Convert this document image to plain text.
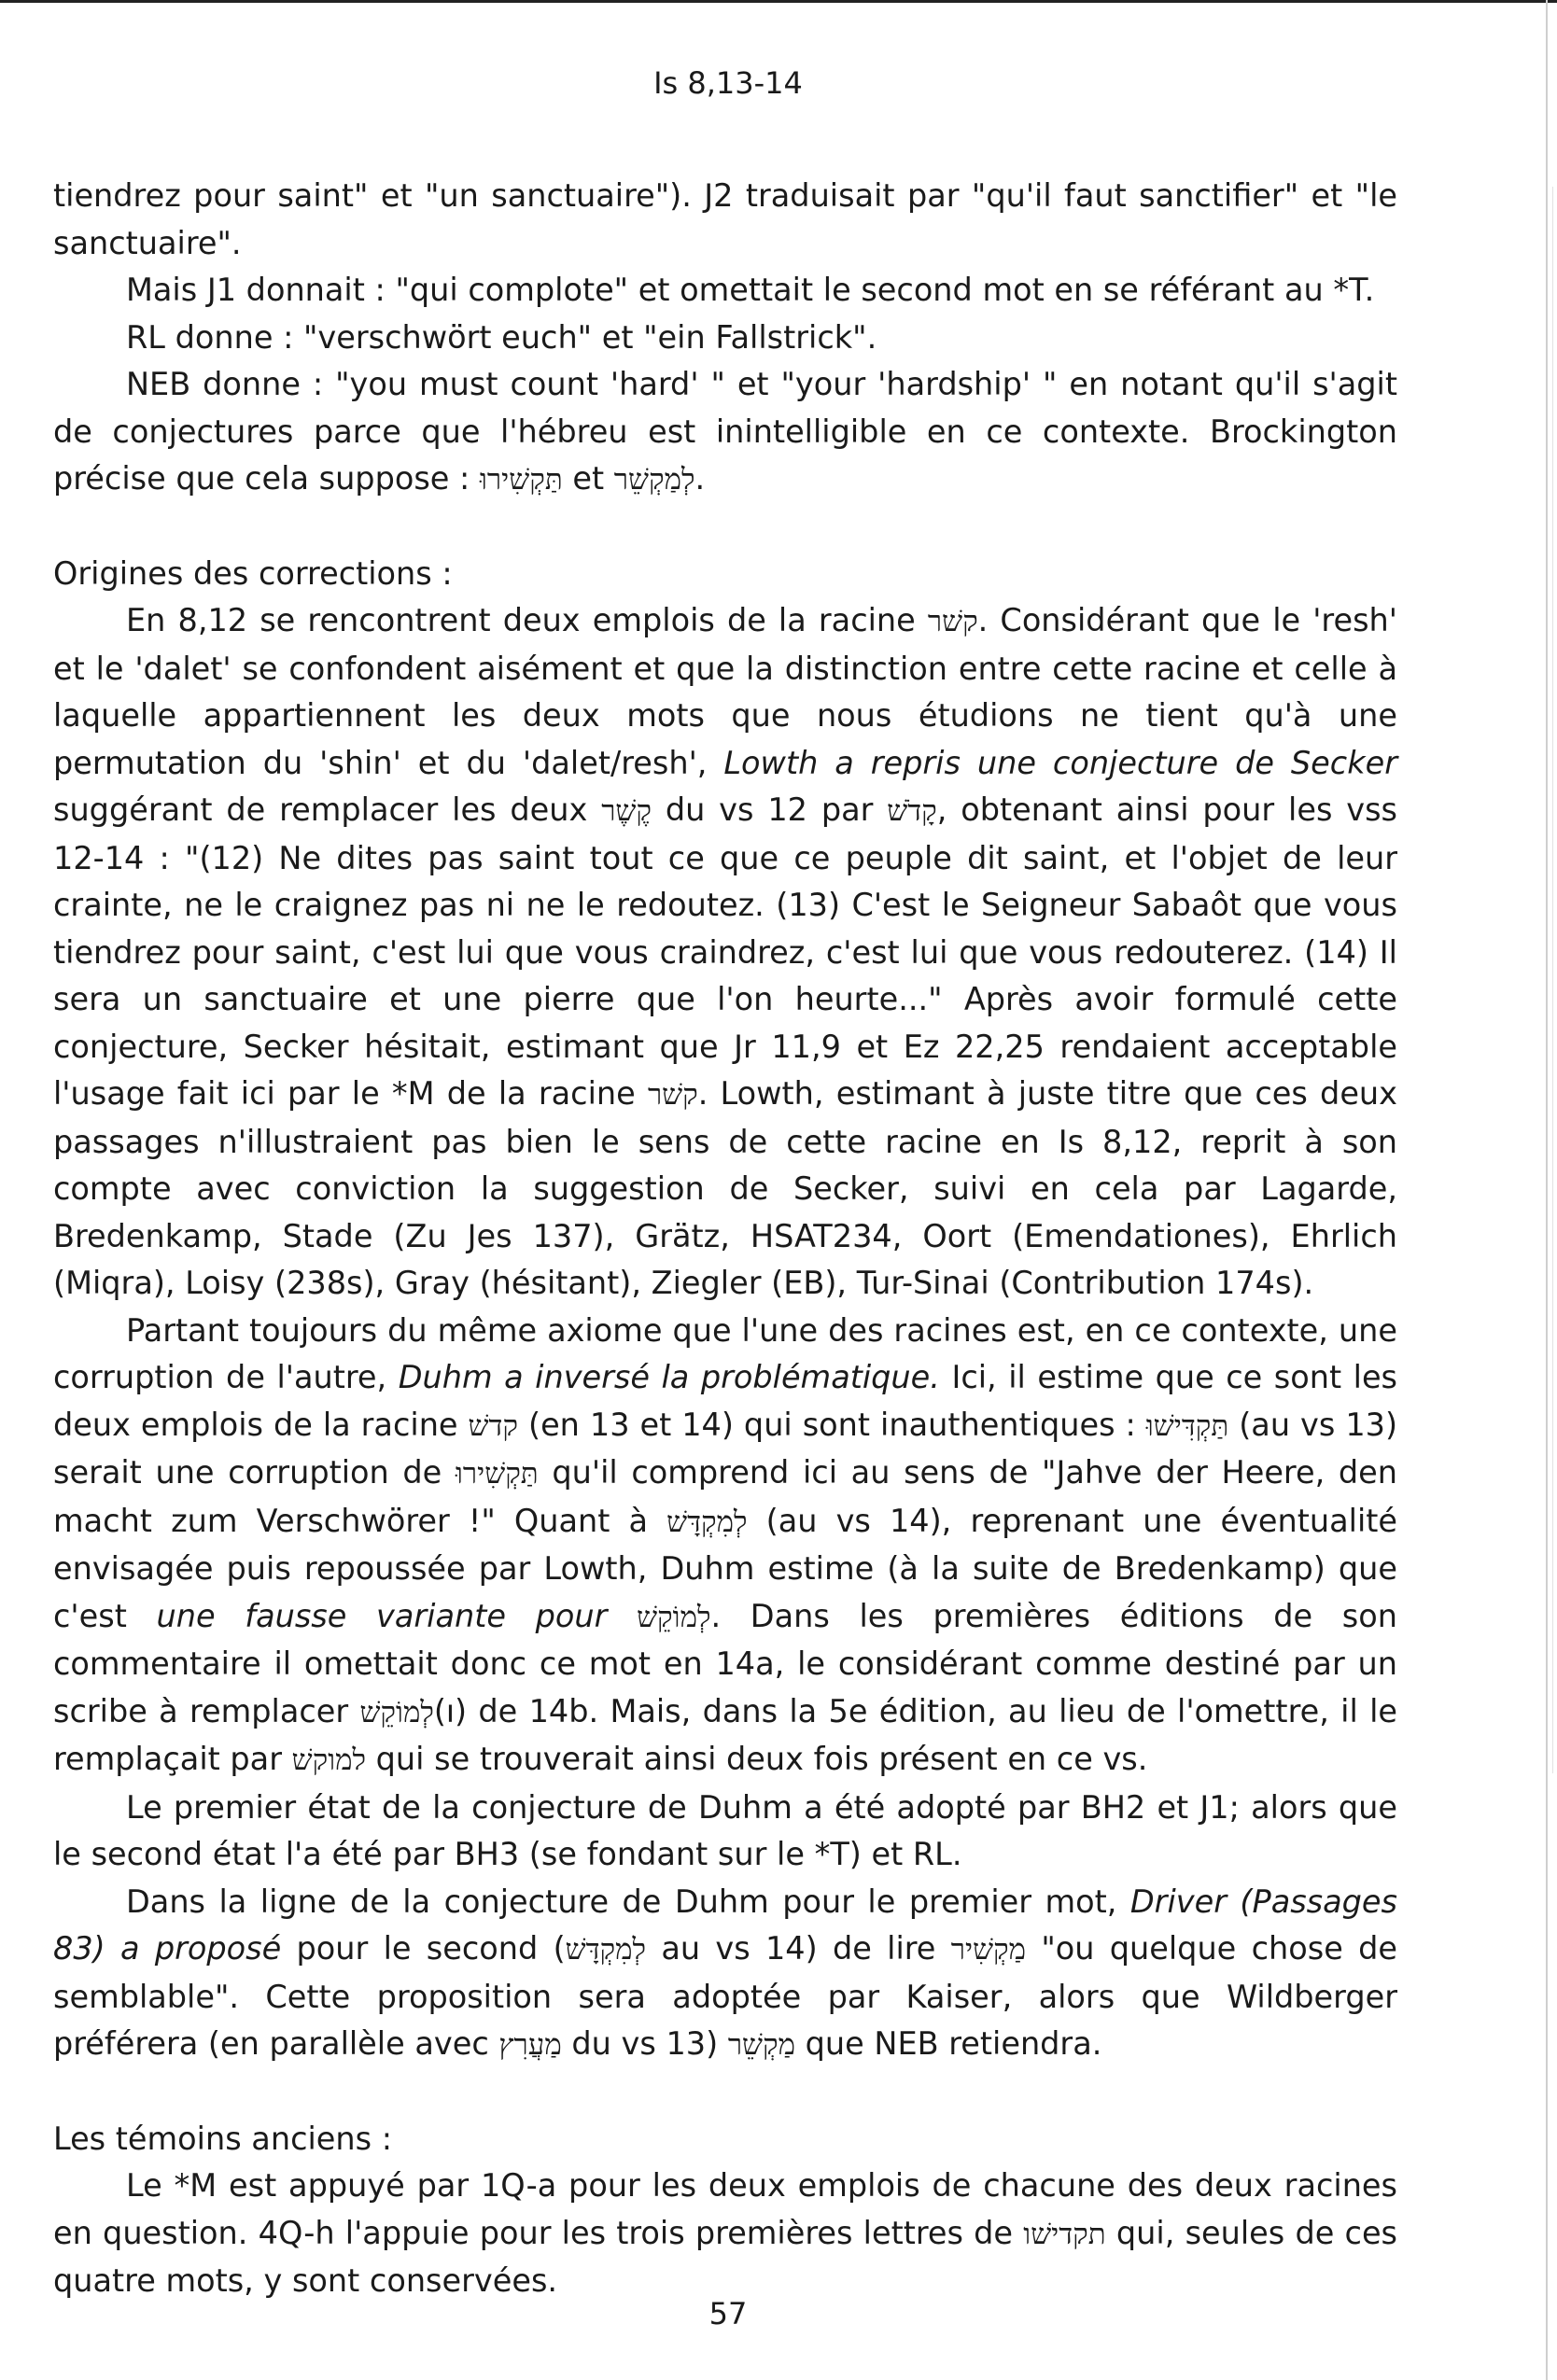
Is 8,13-14

tiendrez pour saint" et "un sanctuaire"). J2 traduisait par "qu'il faut sanctifier" et "le sanctuaire".

Mais J1 donnait : "qui complote" et omettait le second mot en se référant au *T.

RL donne : "verschwört euch" et "ein Fallstrick".

NEB donne : "you must count 'hard' " et "your 'hardship' " en notant qu'il s'agit de conjectures parce que l'hébreu est inintelligible en ce contexte. Brockington précise que cela suppose : תַּקְשִׁירוּ et לְמַקְשֵׁר.

Origines des corrections :

En 8,12 se rencontrent deux emplois de la racine קשׁר. Considérant que le 'resh' et le 'dalet' se confondent aisément et que la distinction entre cette racine et celle à laquelle appartiennent les deux mots que nous étudions ne tient qu'à une permutation du 'shin' et du 'dalet/resh', Lowth a repris une conjecture de Secker suggérant de remplacer les deux קֶשֶׁר du vs 12 par קָדֹשׁ, obtenant ainsi pour les vss 12-14 : "(12) Ne dites pas saint tout ce que ce peuple dit saint, et l'objet de leur crainte, ne le craignez pas ni ne le redoutez. (13) C'est le Seigneur Sabaôt que vous tiendrez pour saint, c'est lui que vous craindrez, c'est lui que vous redouterez. (14) Il sera un sanctuaire et une pierre que l'on heurte..." Après avoir formulé cette conjecture, Secker hésitait, estimant que Jr 11,9 et Ez 22,25 rendaient acceptable l'usage fait ici par le *M de la racine קשׁר. Lowth, estimant à juste titre que ces deux passages n'illustraient pas bien le sens de cette racine en Is 8,12, reprit à son compte avec conviction la suggestion de Secker, suivi en cela par Lagarde, Bredenkamp, Stade (Zu Jes 137), Grätz, HSAT234, Oort (Emendationes), Ehrlich (Miqra), Loisy (238s), Gray (hésitant), Ziegler (EB), Tur-Sinai (Contribution 174s).

Partant toujours du même axiome que l'une des racines est, en ce contexte, une corruption de l'autre, Duhm a inversé la problématique. Ici, il estime que ce sont les deux emplois de la racine קדשׁ (en 13 et 14) qui sont inauthentiques : תַּקְדִּישׁוּ (au vs 13) serait une corruption de תַּקְשִׁירוּ qu'il comprend ici au sens de "Jahve der Heere, den macht zum Verschwörer !" Quant à לְמִקְדָּשׁ (au vs 14), reprenant une éventualité envisagée puis repoussée par Lowth, Duhm estime (à la suite de Bredenkamp) que c'est une fausse variante pour לְמוֹקֵשׁ. Dans les premières éditions de son commentaire il omettait donc ce mot en 14a, le considérant comme destiné par un scribe à remplacer לְמוֹקֵשׁ(ו) de 14b. Mais, dans la 5e édition, au lieu de l'omettre, il le remplaçait par למוקשׁ qui se trouverait ainsi deux fois présent en ce vs.

Le premier état de la conjecture de Duhm a été adopté par BH2 et J1; alors que le second état l'a été par BH3 (se fondant sur le *T) et RL.

Dans la ligne de la conjecture de Duhm pour le premier mot, Driver (Passages 83) a proposé pour le second (לְמִקְדָּשׁ au vs 14) de lire מַקְשִׁיר "ou quelque chose de semblable". Cette proposition sera adoptée par Kaiser, alors que Wildberger préférera (en parallèle avec מַעֲרִץ du vs 13) מַקְשֵׁר que NEB retiendra.

Les témoins anciens :

Le *M est appuyé par 1Q-a pour les deux emplois de chacune des deux racines en question. 4Q-h l'appuie pour les trois premières lettres de תקדישׁו qui, seules de ces quatre mots, y sont conservées.

57
